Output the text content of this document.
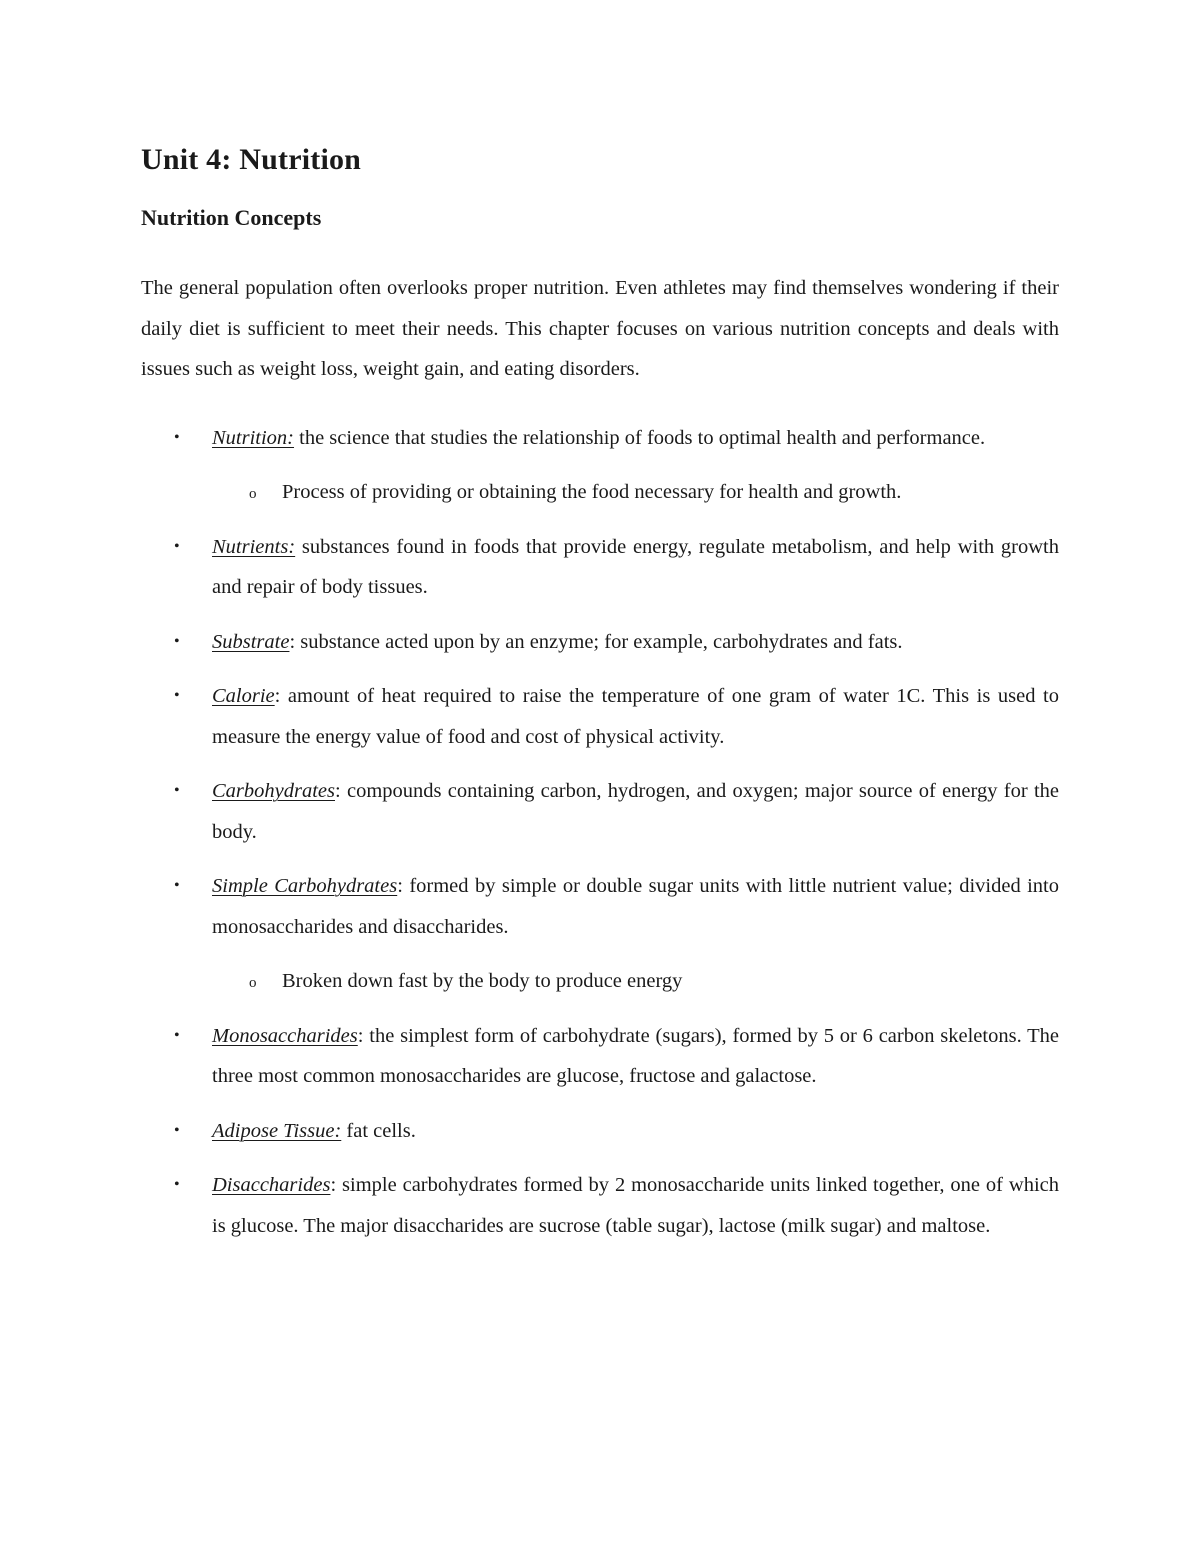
Unit 4: Nutrition
Nutrition Concepts

The general population often overlooks proper nutrition. Even athletes may find themselves wondering if their daily diet is sufficient to meet their needs. This chapter focuses on various nutrition concepts and deals with issues such as weight loss, weight gain, and eating disorders.

• Nutrition: the science that studies the relationship of foods to optimal health and performance.
o Process of providing or obtaining the food necessary for health and growth.
• Nutrients: substances found in foods that provide energy, regulate metabolism, and help with growth and repair of body tissues.
• Substrate: substance acted upon by an enzyme; for example, carbohydrates and fats.
• Calorie: amount of heat required to raise the temperature of one gram of water 1C. This is used to measure the energy value of food and cost of physical activity.
• Carbohydrates: compounds containing carbon, hydrogen, and oxygen; major source of energy for the body.
• Simple Carbohydrates: formed by simple or double sugar units with little nutrient value; divided into monosaccharides and disaccharides.
o Broken down fast by the body to produce energy
• Monosaccharides: the simplest form of carbohydrate (sugars), formed by 5 or 6 carbon skeletons. The three most common monosaccharides are glucose, fructose and galactose.
• Adipose Tissue: fat cells.
• Disaccharides: simple carbohydrates formed by 2 monosaccharide units linked together, one of which is glucose. The major disaccharides are sucrose (table sugar), lactose (milk sugar) and maltose.
